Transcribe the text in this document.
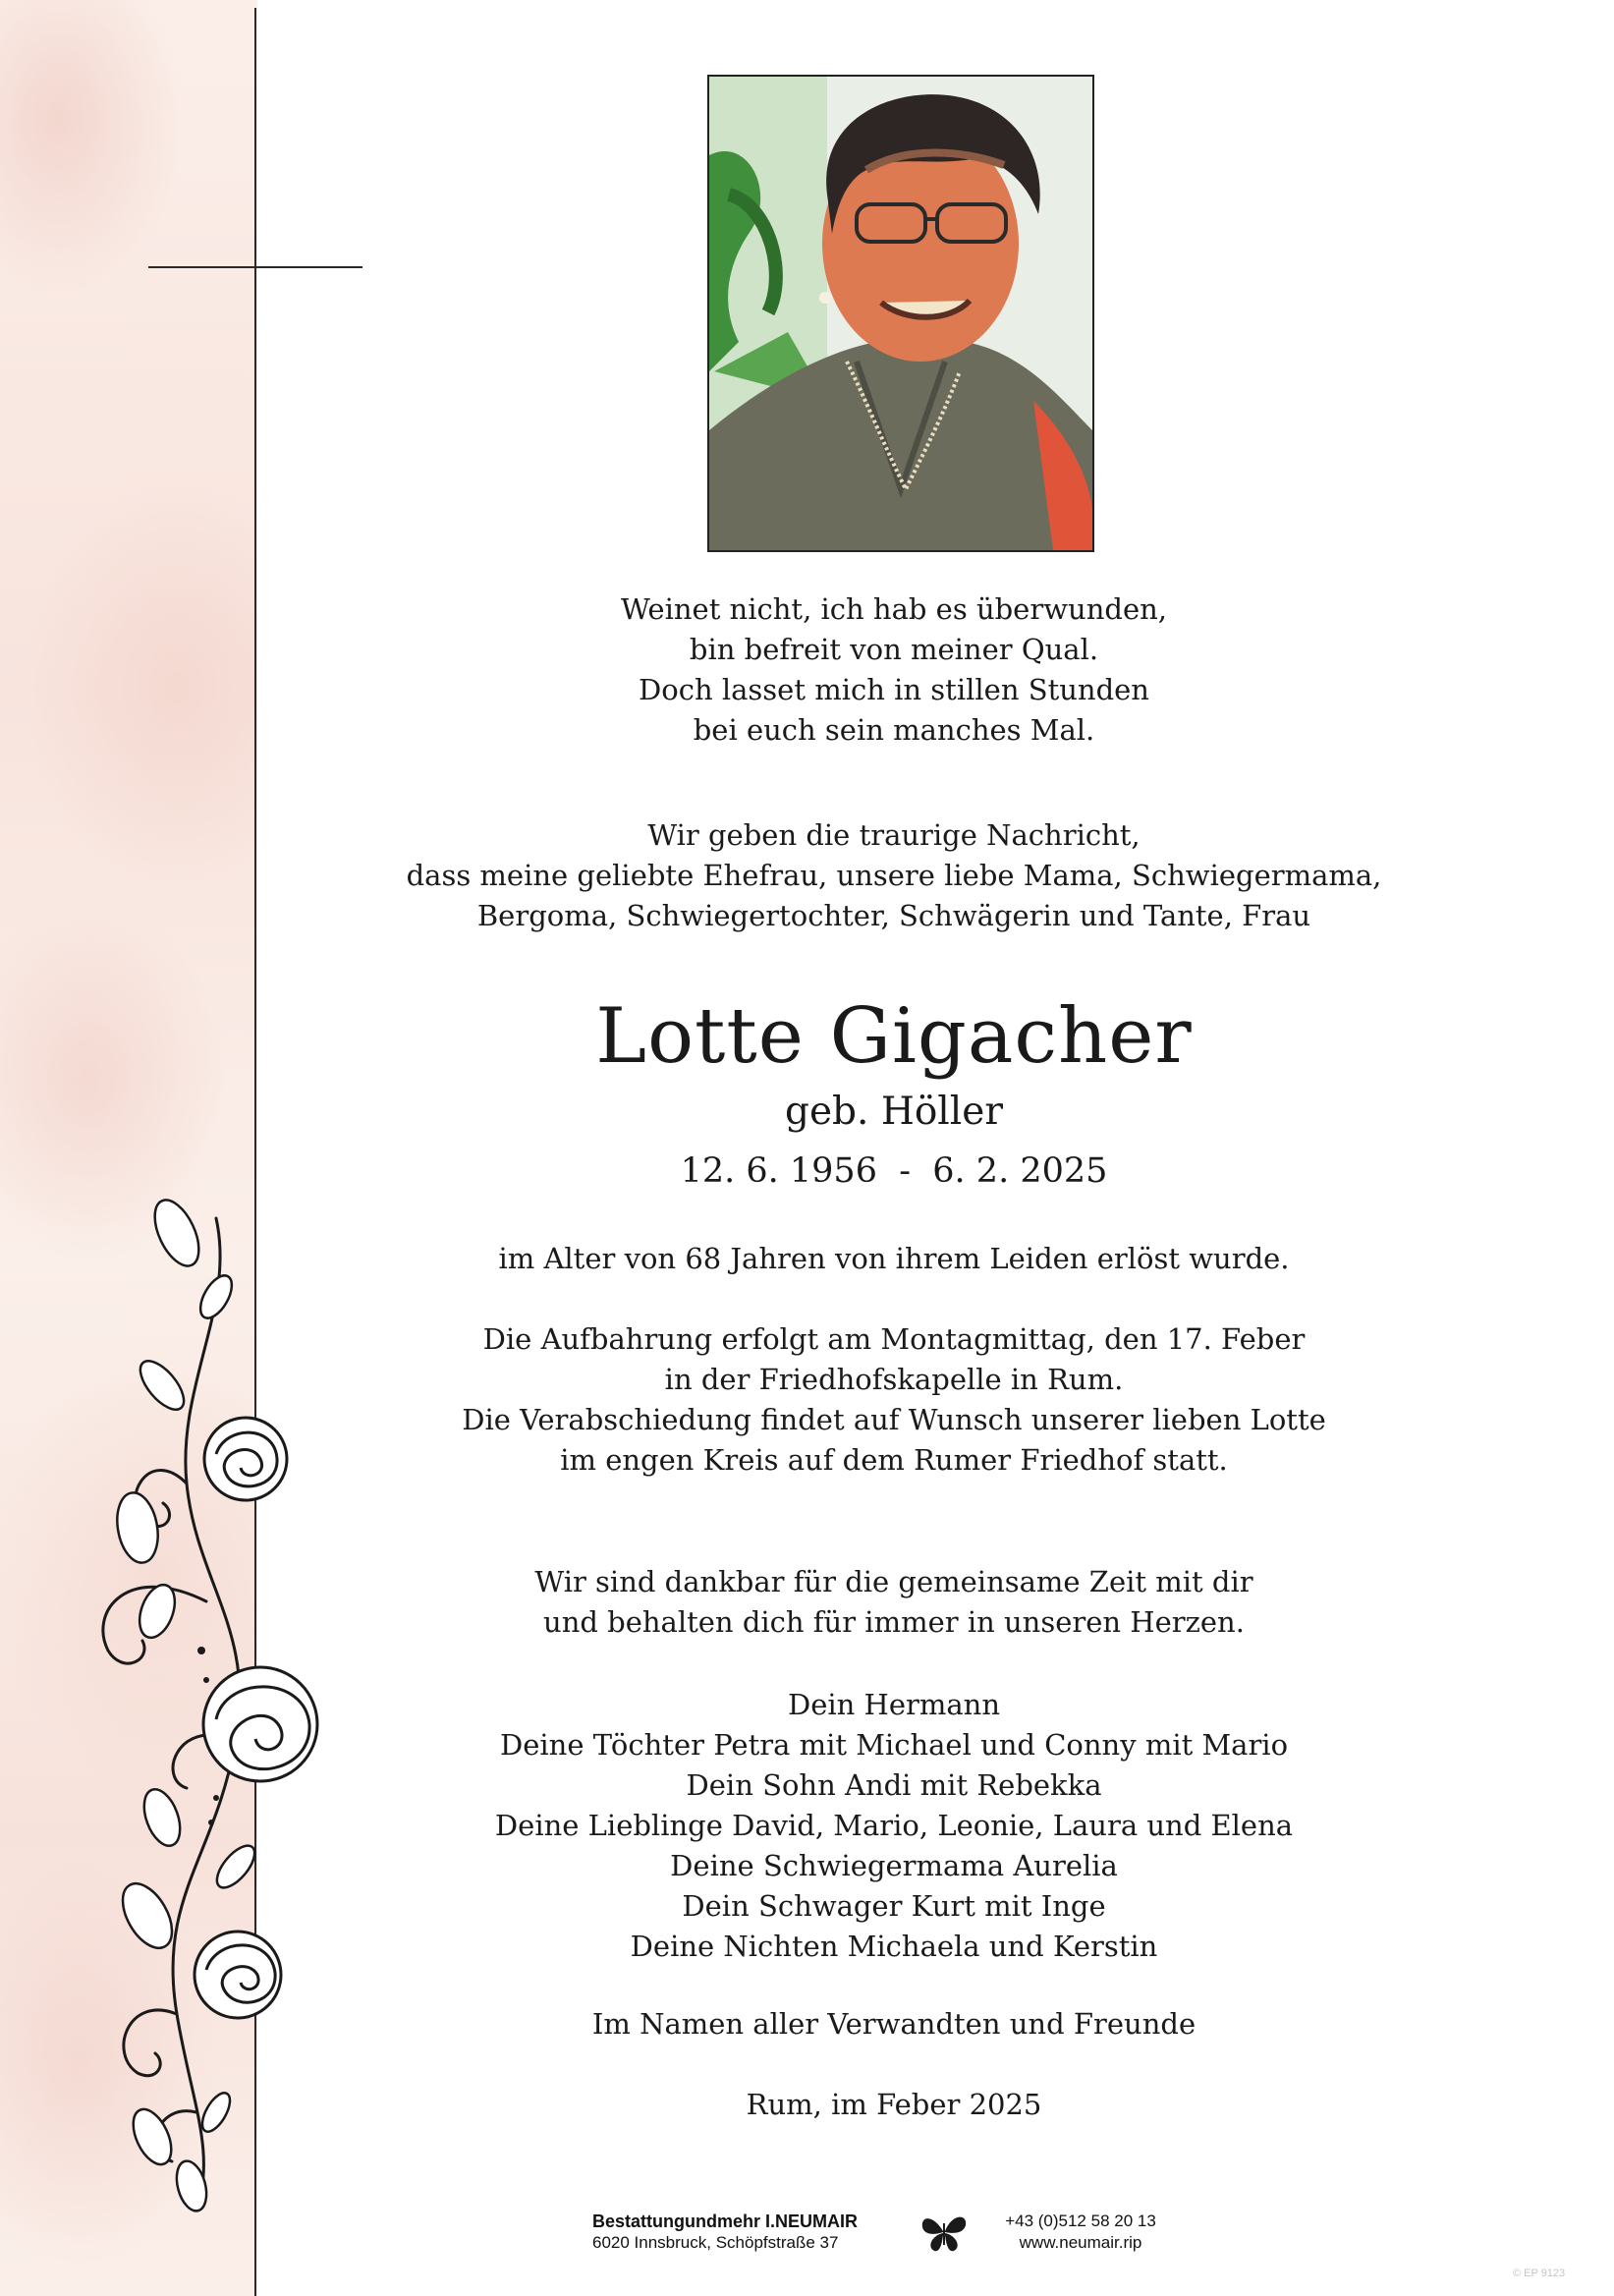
Weinet nicht, ich hab es überwunden,
bin befreit von meiner Qual.
Doch lasset mich in stillen Stunden
bei euch sein manches Mal.
Wir geben die traurige Nachricht,
dass meine geliebte Ehefrau, unsere liebe Mama, Schwiegermama,
Bergoma, Schwiegertochter, Schwägerin und Tante, Frau
Lotte Gigacher
geb. Höller
12. 6. 1956  -  6. 2. 2025
im Alter von 68 Jahren von ihrem Leiden erlöst wurde.
Die Aufbahrung erfolgt am Montagmittag, den 17. Feber
in der Friedhofskapelle in Rum.
Die Verabschiedung findet auf Wunsch unserer lieben Lotte
im engen Kreis auf dem Rumer Friedhof statt.
Wir sind dankbar für die gemeinsame Zeit mit dir
und behalten dich für immer in unseren Herzen.
Dein Hermann
Deine Töchter Petra mit Michael und Conny mit Mario
Dein Sohn Andi mit Rebekka
Deine Lieblinge David, Mario, Leonie, Laura und Elena
Deine Schwiegermama Aurelia
Dein Schwager Kurt mit Inge
Deine Nichten Michaela und Kerstin
Im Namen aller Verwandten und Freunde
Rum, im Feber 2025
Bestattungundmehr I.NEUMAIR
6020 Innsbruck, Schöpfstraße 37
+43 (0)512 58 20 13
www.neumair.rip
© EP 9123
